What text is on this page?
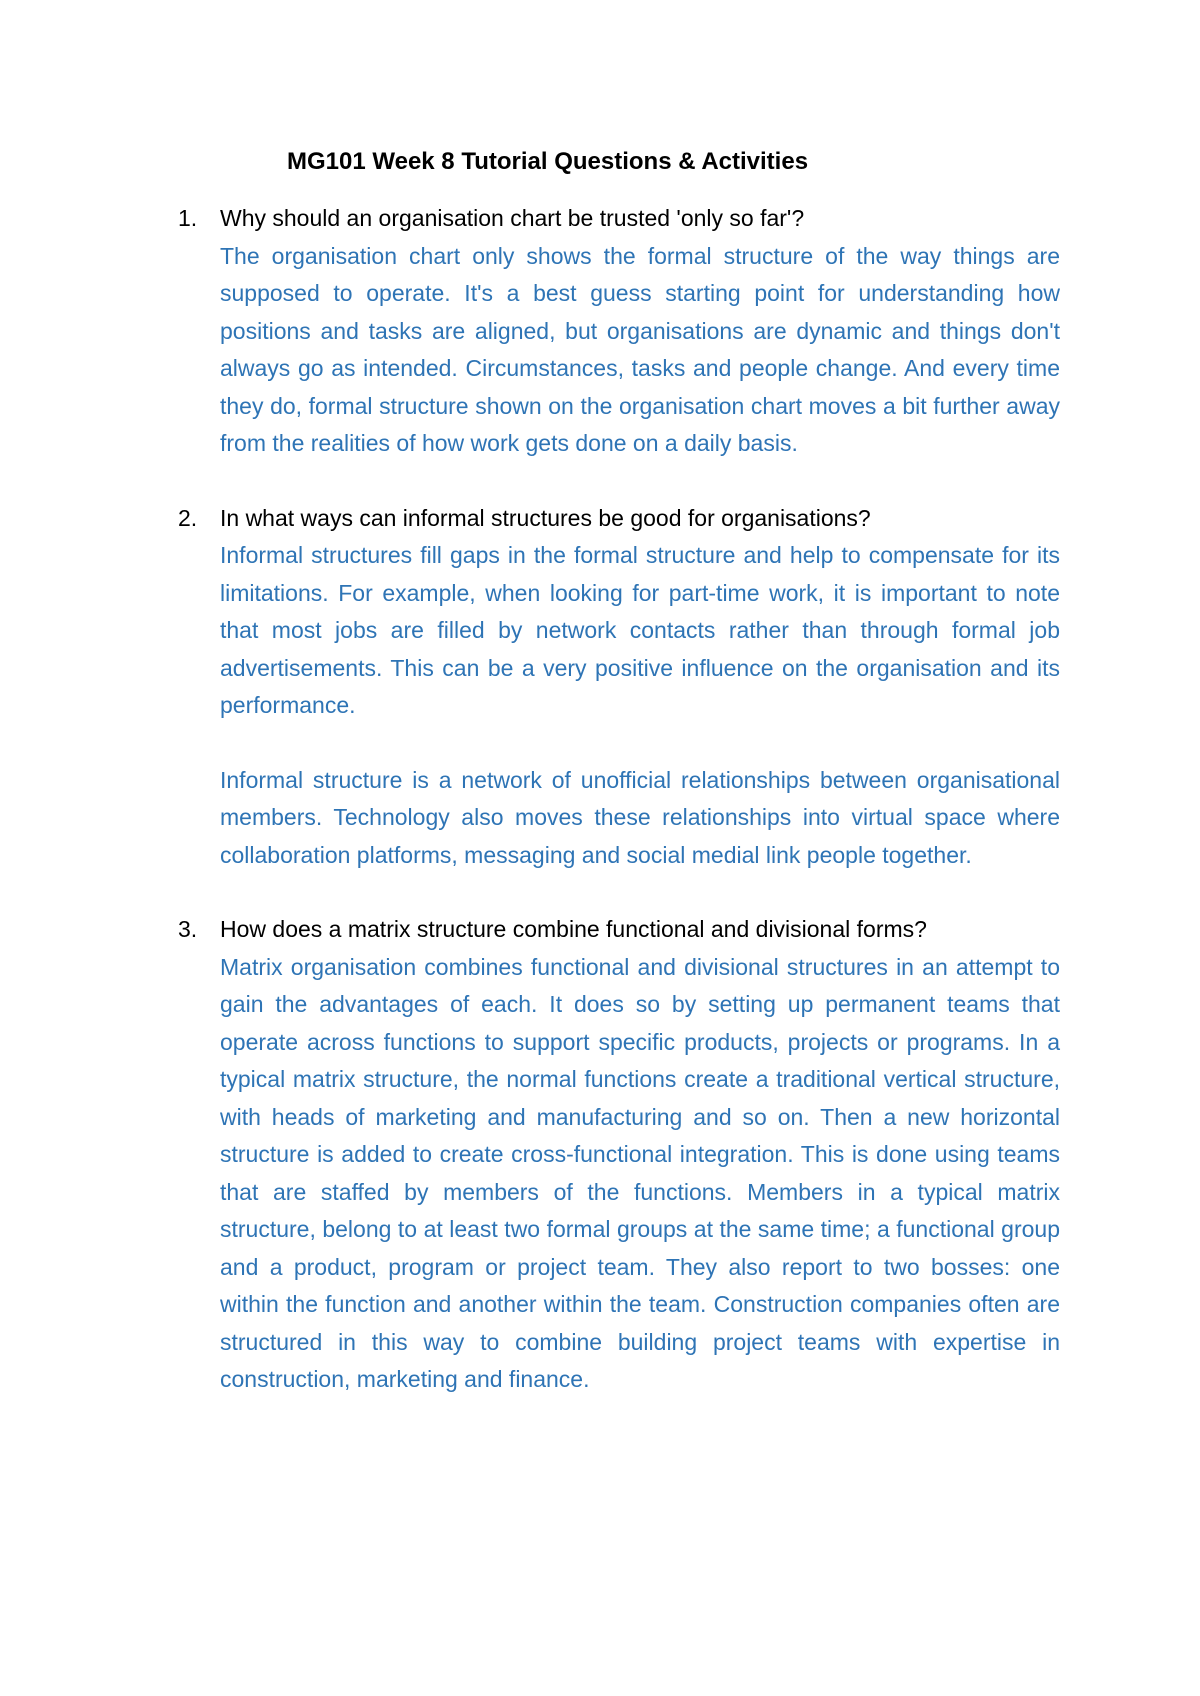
MG101 Week 8 Tutorial Questions & Activities
1. Why should an organisation chart be trusted 'only so far'?

The organisation chart only shows the formal structure of the way things are supposed to operate. It's a best guess starting point for understanding how positions and tasks are aligned, but organisations are dynamic and things don't always go as intended. Circumstances, tasks and people change. And every time they do, formal structure shown on the organisation chart moves a bit further away from the realities of how work gets done on a daily basis.

2. In what ways can informal structures be good for organisations?

Informal structures fill gaps in the formal structure and help to compensate for its limitations. For example, when looking for part-time work, it is important to note that most jobs are filled by network contacts rather than through formal job advertisements. This can be a very positive influence on the organisation and its performance.

Informal structure is a network of unofficial relationships between organisational members. Technology also moves these relationships into virtual space where collaboration platforms, messaging and social medial link people together.

3. How does a matrix structure combine functional and divisional forms?

Matrix organisation combines functional and divisional structures in an attempt to gain the advantages of each. It does so by setting up permanent teams that operate across functions to support specific products, projects or programs. In a typical matrix structure, the normal functions create a traditional vertical structure, with heads of marketing and manufacturing and so on. Then a new horizontal structure is added to create cross-functional integration. This is done using teams that are staffed by members of the functions. Members in a typical matrix structure, belong to at least two formal groups at the same time; a functional group and a product, program or project team. They also report to two bosses: one within the function and another within the team. Construction companies often are structured in this way to combine building project teams with expertise in construction, marketing and finance.
